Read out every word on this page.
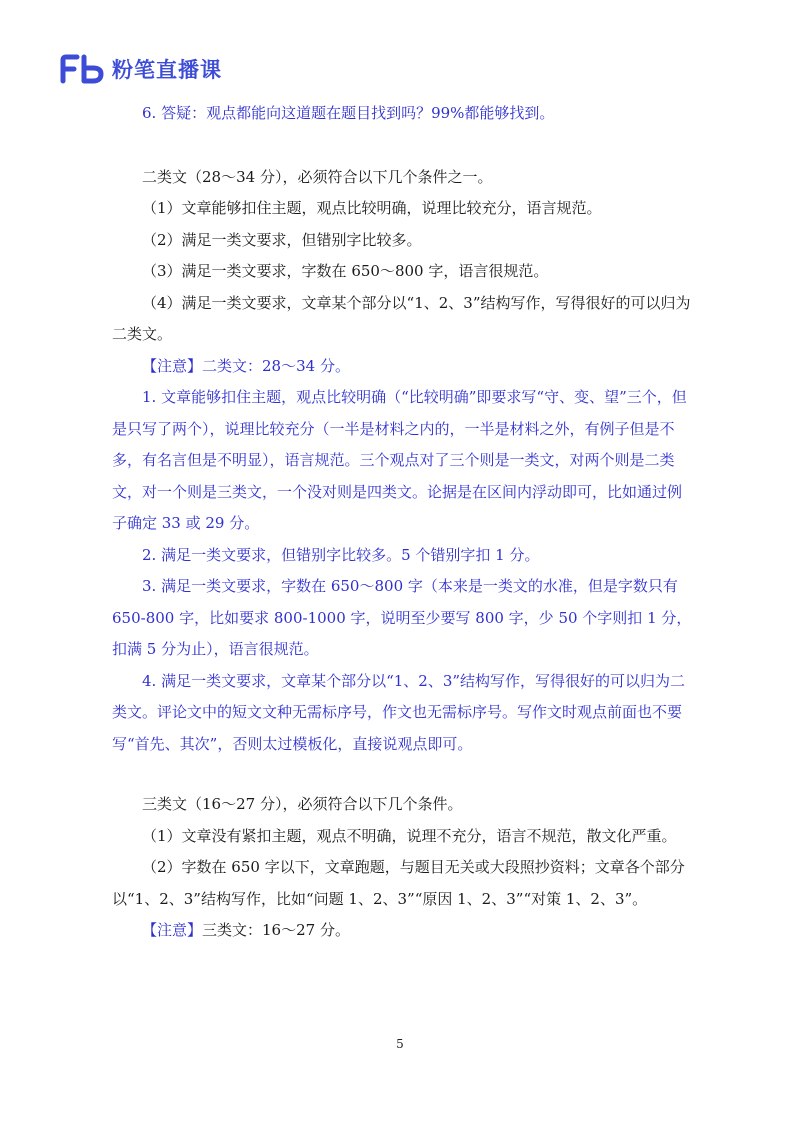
粉笔直播课

6. 答疑：观点都能向这道题在题目找到吗？99%都能够找到。

二类文（28～34 分），必须符合以下几个条件之一。

（1）文章能够扣住主题，观点比较明确，说理比较充分，语言规范。

（2）满足一类文要求，但错别字比较多。

（3）满足一类文要求，字数在 650～800 字，语言很规范。

（4）满足一类文要求，文章某个部分以“1、2、3”结构写作，写得很好的可以归为二类文。

【注意】二类文：28～34 分。

1. 文章能够扣住主题，观点比较明确（“比较明确”即要求写“守、变、望”三个，但是只写了两个），说理比较充分（一半是材料之内的，一半是材料之外，有例子但是不多，有名言但是不明显），语言规范。三个观点对了三个则是一类文，对两个则是二类文，对一个则是三类文，一个没对则是四类文。论据是在区间内浮动即可，比如通过例子确定 33 或 29 分。

2. 满足一类文要求，但错别字比较多。5 个错别字扣 1 分。

3. 满足一类文要求，字数在 650～800 字（本来是一类文的水准，但是字数只有 650-800 字，比如要求 800-1000 字，说明至少要写 800 字，少 50 个字则扣 1 分，扣满 5 分为止），语言很规范。

4. 满足一类文要求，文章某个部分以“1、2、3”结构写作，写得很好的可以归为二类文。评论文中的短文文种无需标序号，作文也无需标序号。写作文时观点前面也不要写“首先、其次”，否则太过模板化，直接说观点即可。

三类文（16～27 分），必须符合以下几个条件。

（1）文章没有紧扣主题，观点不明确，说理不充分，语言不规范，散文化严重。

（2）字数在 650 字以下，文章跑题，与题目无关或大段照抄资料；文章各个部分以“1、2、3”结构写作，比如“问题 1、2、3”“原因 1、2、3”“对策 1、2、3”。

【注意】三类文：16～27 分。

5
